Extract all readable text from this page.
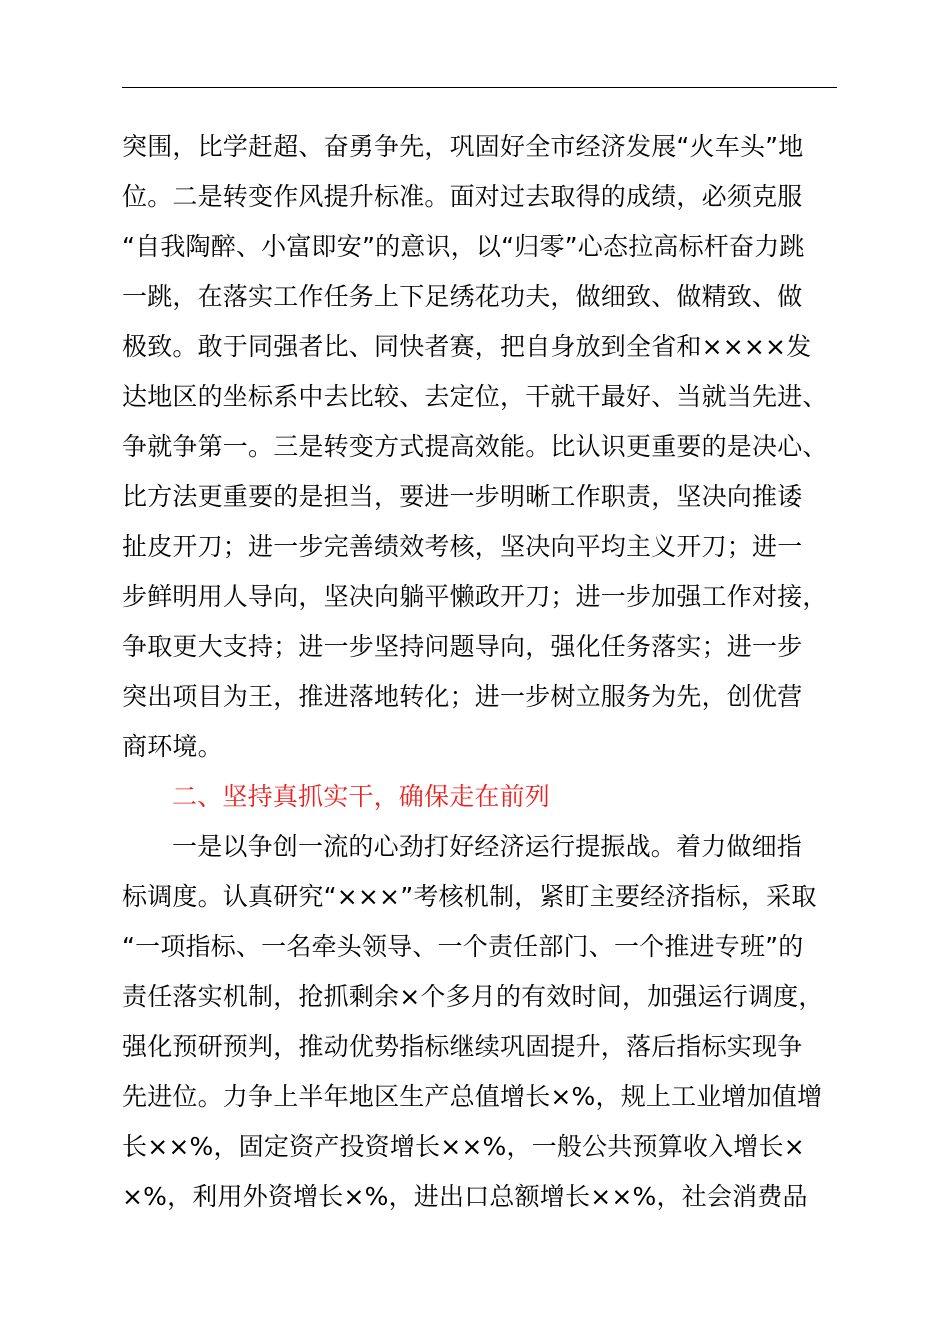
突围，比学赶超、奋勇争先，巩固好全市经济发展“火车头”地
位。二是转变作风提升标准。面对过去取得的成绩，必须克服
“自我陶醉、小富即安”的意识，以“归零”心态拉高标杆奋力跳
一跳，在落实工作任务上下足绣花功夫，做细致、做精致、做
极致。敢于同强者比、同快者赛，把自身放到全省和××××发
达地区的坐标系中去比较、去定位，干就干最好、当就当先进、
争就争第一。三是转变方式提高效能。比认识更重要的是决心、
比方法更重要的是担当，要进一步明晰工作职责，坚决向推诿
扯皮开刀；进一步完善绩效考核，坚决向平均主义开刀；进一
步鲜明用人导向，坚决向躺平懒政开刀；进一步加强工作对接，
争取更大支持；进一步坚持问题导向，强化任务落实；进一步
突出项目为王，推进落地转化；进一步树立服务为先，创优营
商环境。
二、坚持真抓实干，确保走在前列
一是以争创一流的心劲打好经济运行提振战。着力做细指
标调度。认真研究“×××”考核机制，紧盯主要经济指标，采取
“一项指标、一名牵头领导、一个责任部门、一个推进专班”的
责任落实机制，抢抓剩余×个多月的有效时间，加强运行调度，
强化预研预判，推动优势指标继续巩固提升，落后指标实现争
先进位。力争上半年地区生产总值增长×%，规上工业增加值增
长××%，固定资产投资增长××%，一般公共预算收入增长×
×%，利用外资增长×%，进出口总额增长××%，社会消费品
